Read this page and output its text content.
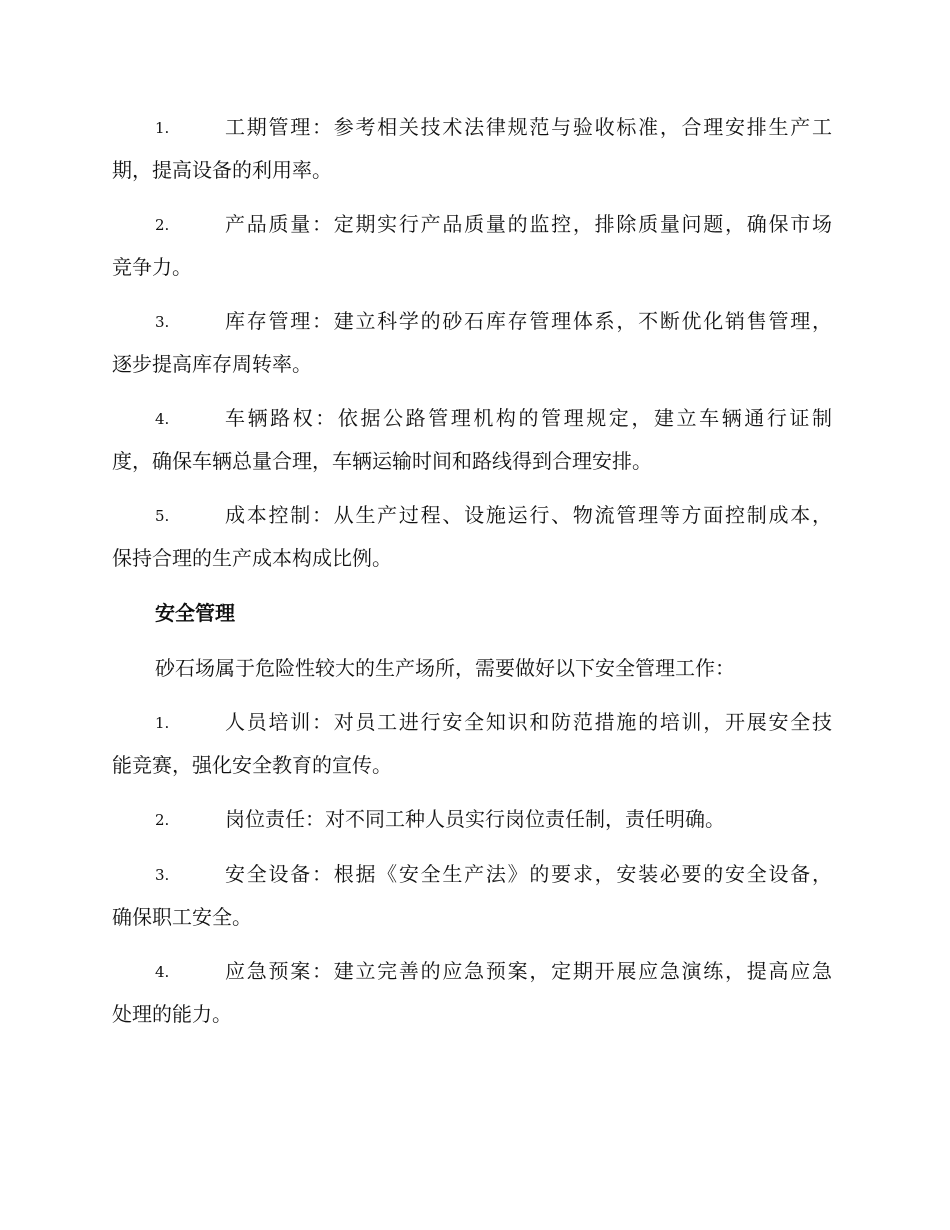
1.	工期管理：参考相关技术法律规范与验收标准，合理安排生产工
期，提高设备的利用率。
2.	产品质量：定期实行产品质量的监控，排除质量问题，确保市场
竞争力。
3.	库存管理：建立科学的砂石库存管理体系，不断优化销售管理，
逐步提高库存周转率。
4.	车辆路权：依据公路管理机构的管理规定，建立车辆通行证制
度，确保车辆总量合理，车辆运输时间和路线得到合理安排。
5.	成本控制：从生产过程、设施运行、物流管理等方面控制成本，
保持合理的生产成本构成比例。
安全管理
砂石场属于危险性较大的生产场所，需要做好以下安全管理工作：
1.	人员培训：对员工进行安全知识和防范措施的培训，开展安全技
能竞赛，强化安全教育的宣传。
2.	岗位责任：对不同工种人员实行岗位责任制，责任明确。
3.	安全设备：根据《安全生产法》的要求，安装必要的安全设备，
确保职工安全。
4.	应急预案：建立完善的应急预案，定期开展应急演练，提高应急
处理的能力。
